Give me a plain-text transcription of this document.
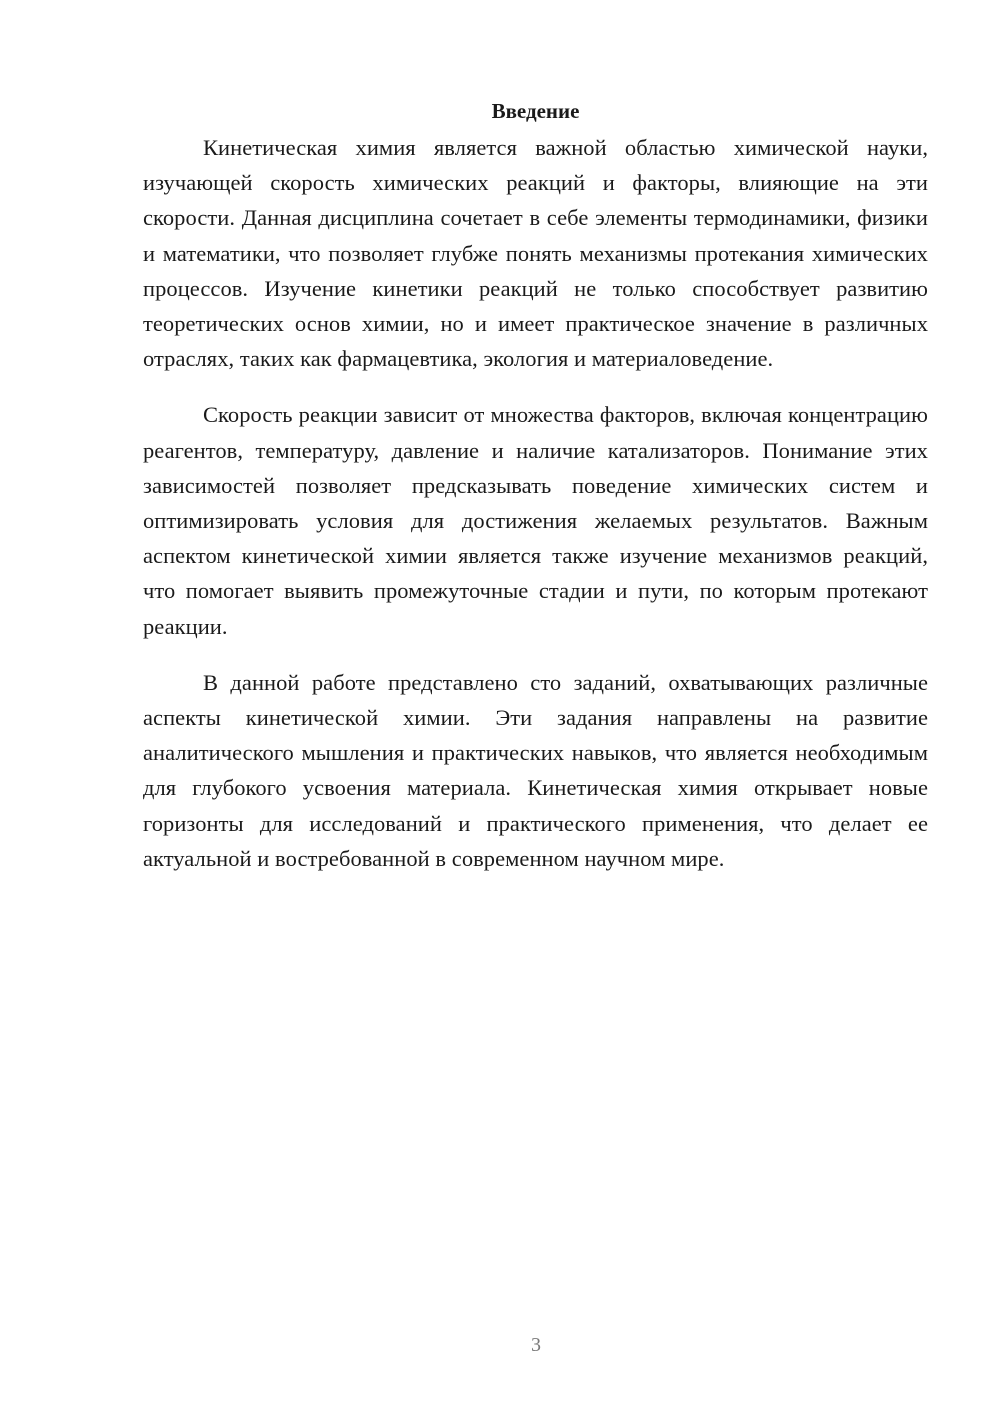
Введение

Кинетическая химия является важной областью химической науки, изучающей скорость химических реакций и факторы, влияющие на эти скорости. Данная дисциплина сочетает в себе элементы термодинамики, физики и математики, что позволяет глубже понять механизмы протекания химических процессов. Изучение кинетики реакций не только способствует развитию теоретических основ химии, но и имеет практическое значение в различных отраслях, таких как фармацевтика, экология и материаловедение.

Скорость реакции зависит от множества факторов, включая концентрацию реагентов, температуру, давление и наличие катализаторов. Понимание этих зависимостей позволяет предсказывать поведение химических систем и оптимизировать условия для достижения желаемых результатов. Важным аспектом кинетической химии является также изучение механизмов реакций, что помогает выявить промежуточные стадии и пути, по которым протекают реакции.

В данной работе представлено сто заданий, охватывающих различные аспекты кинетической химии. Эти задания направлены на развитие аналитического мышления и практических навыков, что является необходимым для глубокого усвоения материала. Кинетическая химия открывает новые горизонты для исследований и практического применения, что делает ее актуальной и востребованной в современном научном мире.

3
